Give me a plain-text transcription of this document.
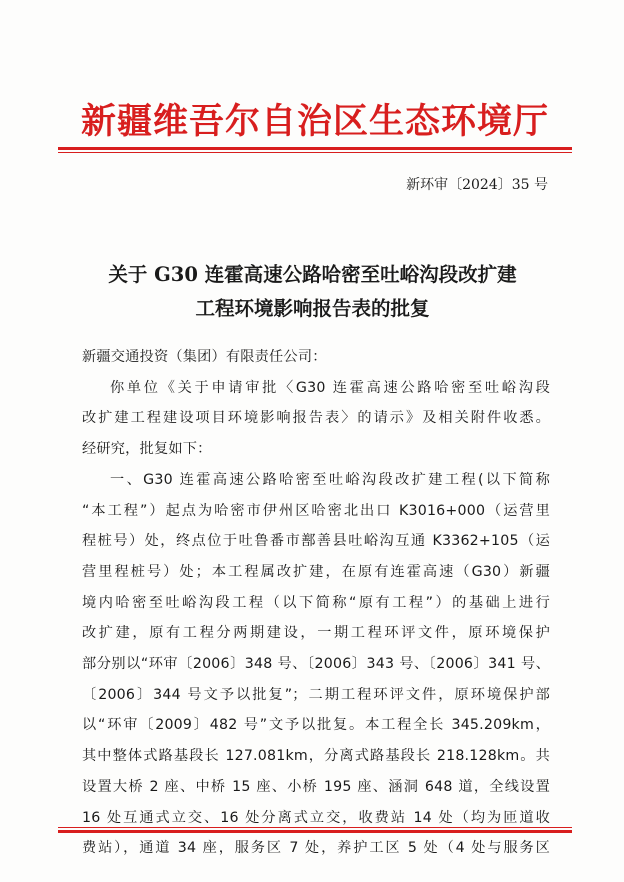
新疆维吾尔自治区生态环境厅
新环审〔2024〕35 号
关于 G30 连霍高速公路哈密至吐峪沟段改扩建
工程环境影响报告表的批复
新疆交通投资（集团）有限责任公司：
你单位《关于申请审批〈G30 连霍高速公路哈密至吐峪沟段
改扩建工程建设项目环境影响报告表〉的请示》及相关附件收悉。
经研究，批复如下：
一、G30 连霍高速公路哈密至吐峪沟段改扩建工程(以下简称
“本工程”）起点为哈密市伊州区哈密北出口 K3016+000（运营里
程桩号）处，终点位于吐鲁番市鄯善县吐峪沟互通 K3362+105（运
营里程桩号）处；本工程属改扩建，在原有连霍高速（G30）新疆
境内哈密至吐峪沟段工程（以下简称“原有工程”）的基础上进行
改扩建，原有工程分两期建设，一期工程环评文件，原环境保护
部分别以“环审〔2006〕348 号、〔2006〕343 号、〔2006〕341 号、
〔2006〕344 号文予以批复”；二期工程环评文件，原环境保护部
以“环审〔2009〕482 号”文予以批复。本工程全长 345.209km，
其中整体式路基段长 127.081km，分离式路基段长 218.128km。共
设置大桥 2 座、中桥 15 座、小桥 195 座、涵洞 648 道，全线设置
16 处互通式立交、16 处分离式立交，收费站 14 处（均为匝道收
费站），通道 34 座，服务区 7 处，养护工区 5 处（4 处与服务区
